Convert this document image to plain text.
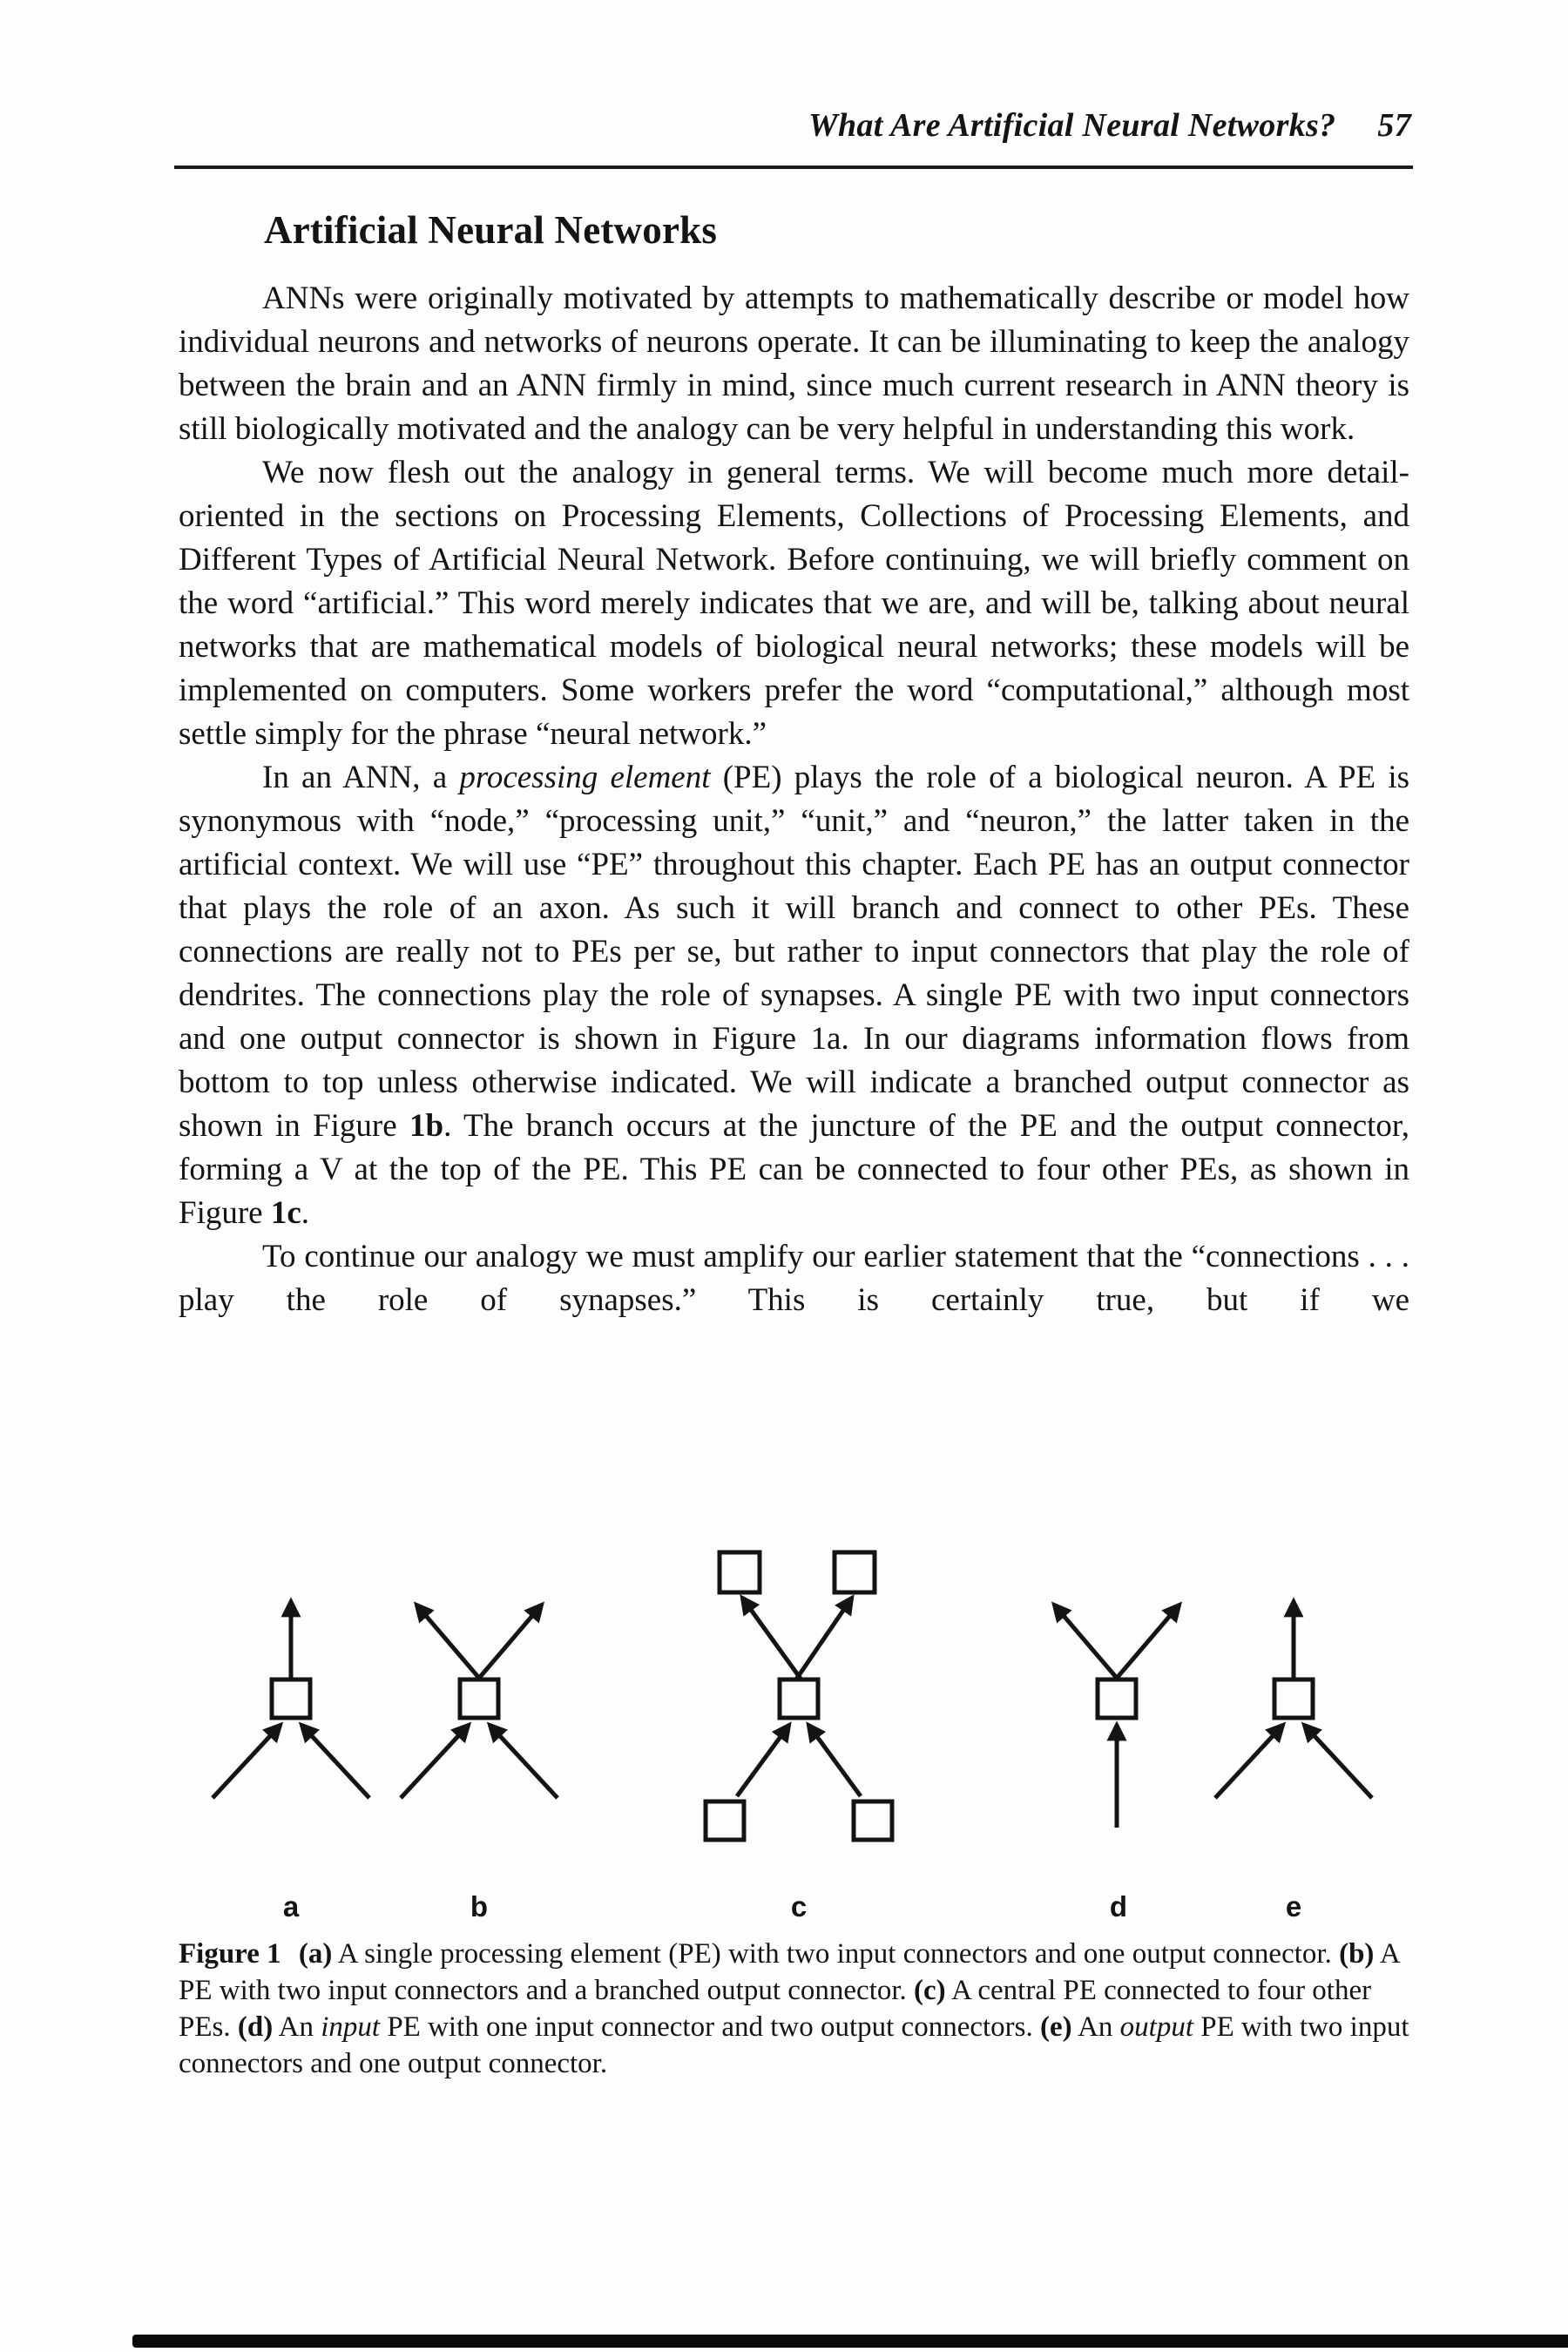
What Are Artificial Neural Networks? 57
Artificial Neural Networks

ANNs were originally motivated by attempts to mathematically describe or model how individual neurons and networks of neurons operate. It can be illuminating to keep the analogy between the brain and an ANN firmly in mind, since much current research in ANN theory is still biologically motivated and the analogy can be very helpful in understanding this work.

We now flesh out the analogy in general terms. We will become much more detail-oriented in the sections on Processing Elements, Collections of Processing Elements, and Different Types of Artificial Neural Network. Before continuing, we will briefly comment on the word “artificial.” This word merely indicates that we are, and will be, talking about neural networks that are mathematical models of biological neural networks; these models will be implemented on computers. Some workers prefer the word “computational,” although most settle simply for the phrase “neural network.”

In an ANN, a processing element (PE) plays the role of a biological neuron. A PE is synonymous with “node,” “processing unit,” “unit,” and “neuron,” the latter taken in the artificial context. We will use “PE” throughout this chapter. Each PE has an output connector that plays the role of an axon. As such it will branch and connect to other PEs. These connections are really not to PEs per se, but rather to input connectors that play the role of dendrites. The connections play the role of synapses. A single PE with two input connectors and one output connector is shown in Figure 1a. In our diagrams information flows from bottom to top unless otherwise indicated. We will indicate a branched output connector as shown in Figure 1b. The branch occurs at the juncture of the PE and the output connector, forming a V at the top of the PE. This PE can be connected to four other PEs, as shown in Figure 1c.

To continue our analogy we must amplify our earlier statement that the “connections . . . play the role of synapses.” This is certainly true, but if we

a	b	c	d	e

Figure 1 (a) A single processing element (PE) with two input connectors and one output connector. (b) A PE with two input connectors and a branched output connector. (c) A central PE connected to four other PEs. (d) An input PE with one input connector and two output connectors. (e) An output PE with two input connectors and one output connector.
